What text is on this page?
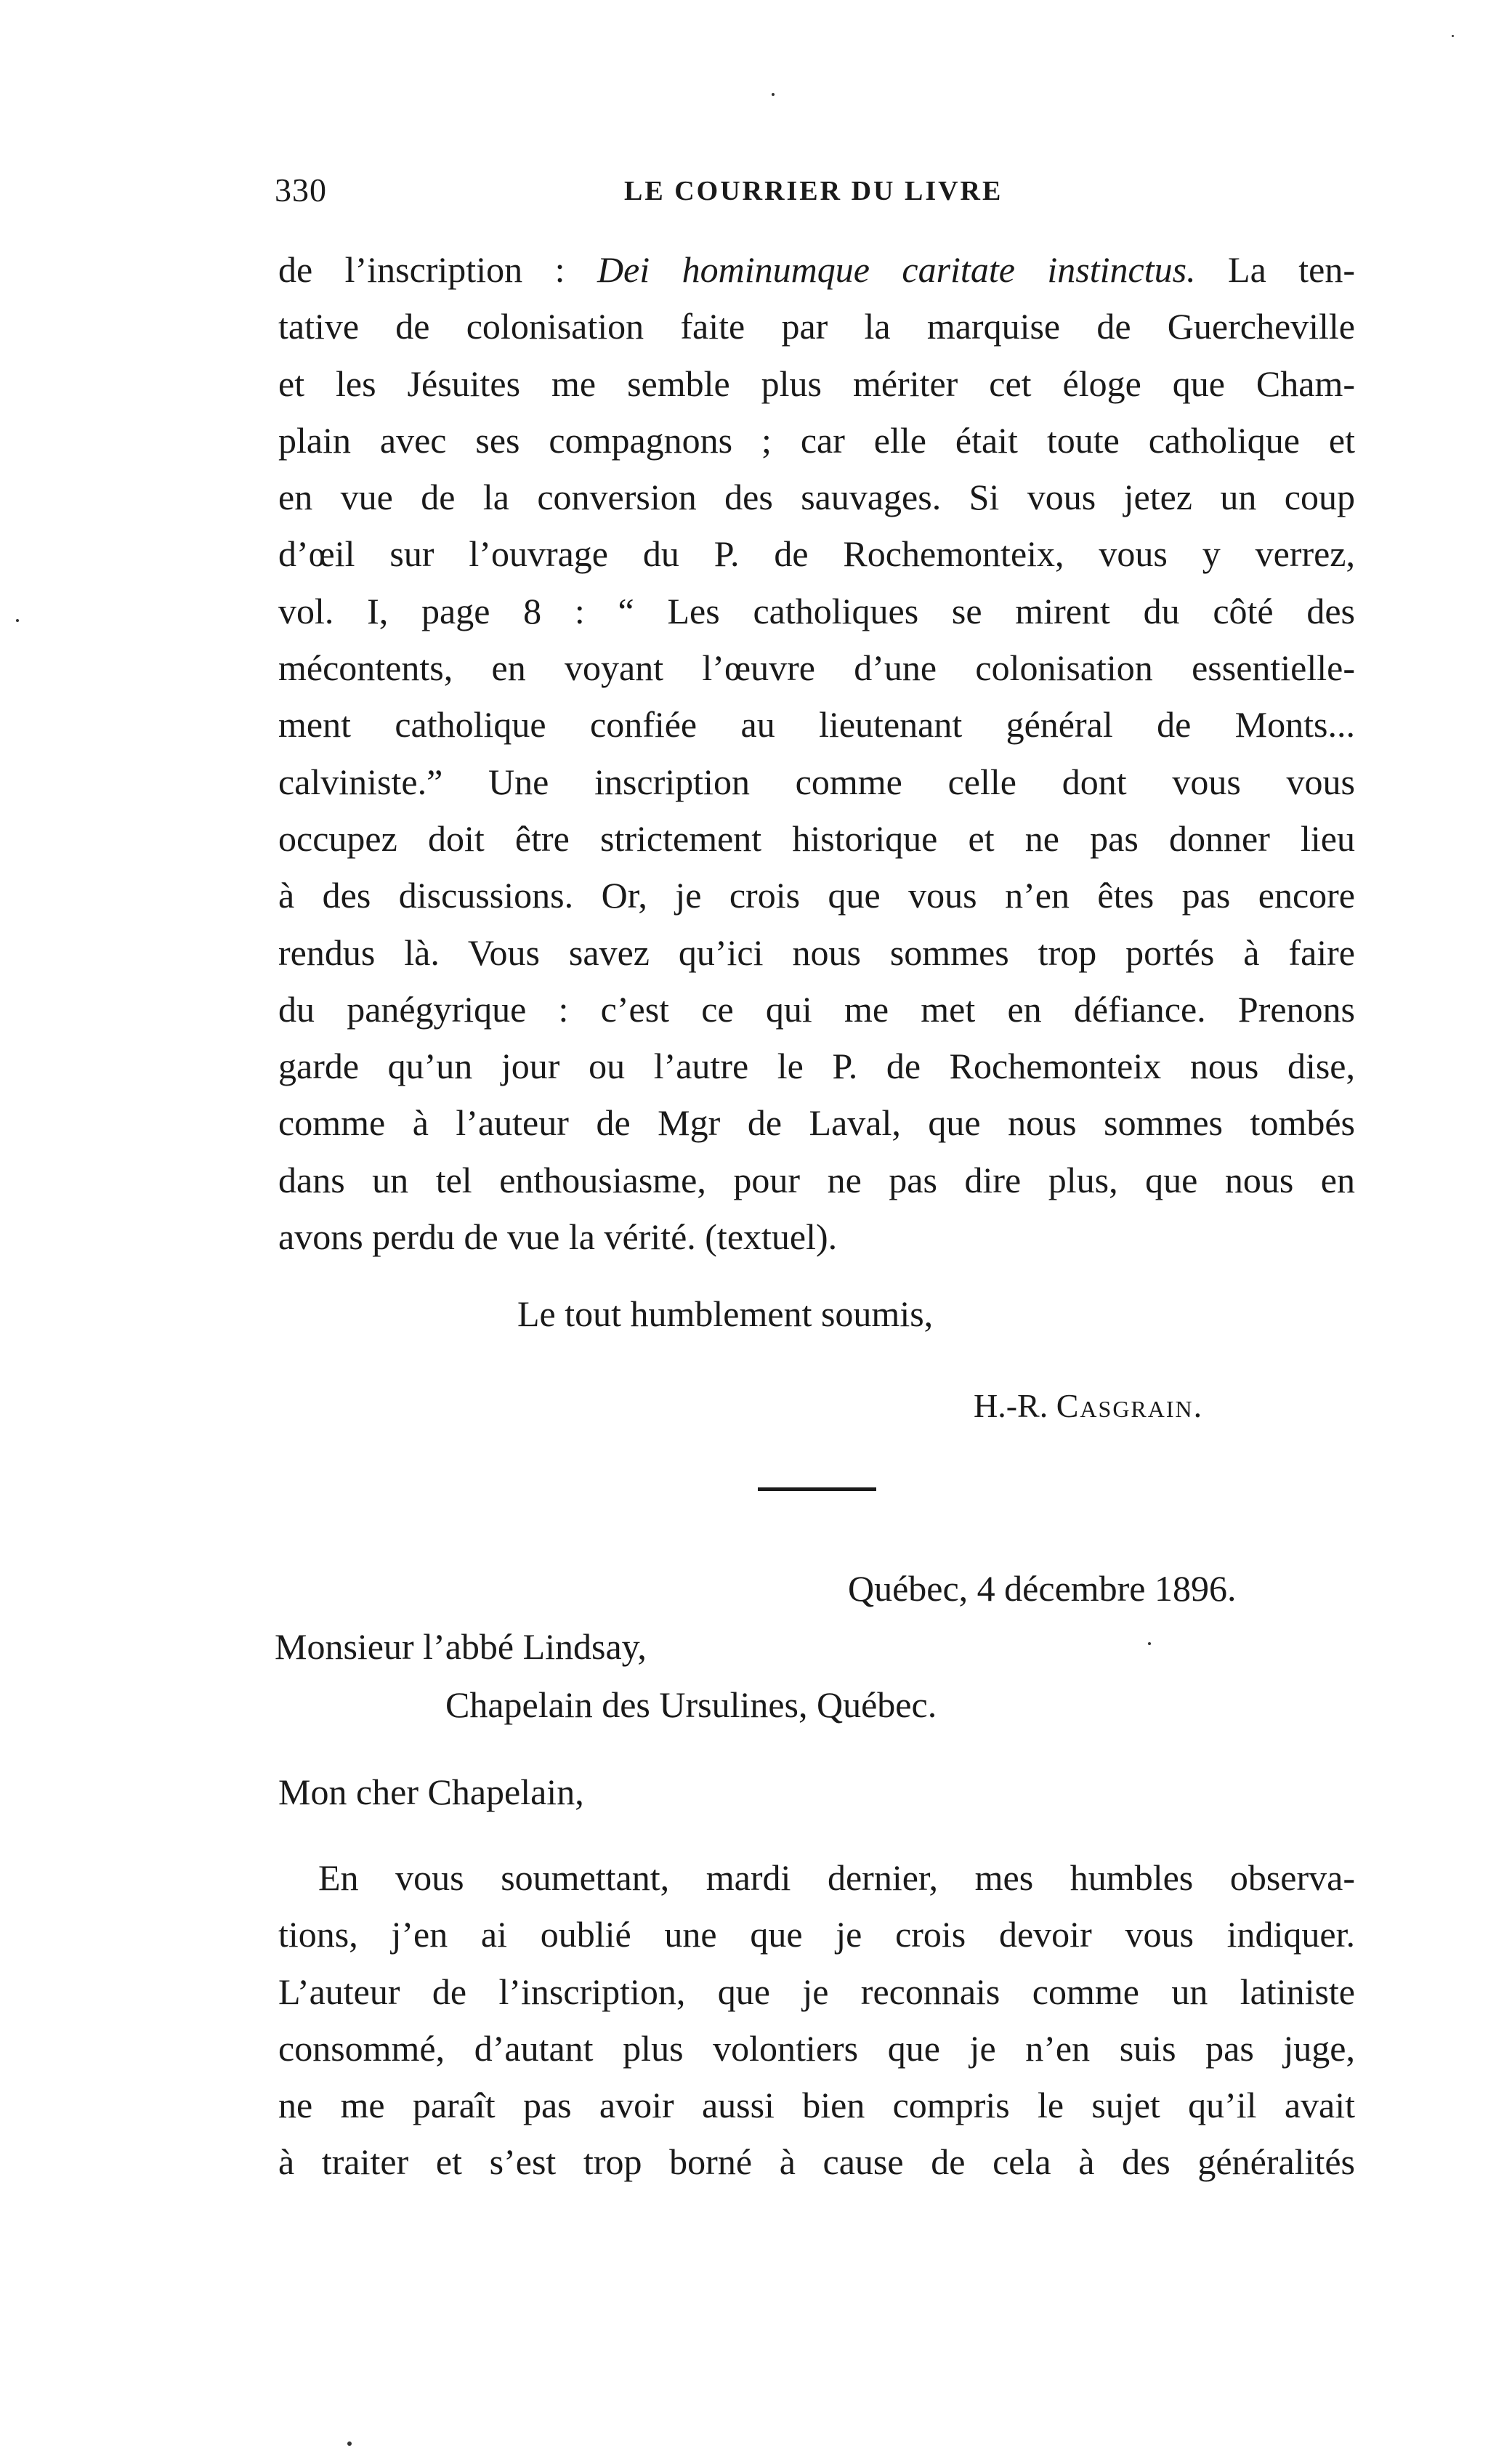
330	LE COURRIER DU LIVRE
de l’inscription : Dei hominumque caritate instinctus. La ten-
tative de colonisation faite par la marquise de Guercheville
et les Jésuites me semble plus mériter cet éloge que Cham-
plain avec ses compagnons ; car elle était toute catholique et
en vue de la conversion des sauvages. Si vous jetez un coup
d’œil sur l’ouvrage du P. de Rochemonteix, vous y verrez,
vol. I, page 8 : “ Les catholiques se mirent du côté des
mécontents, en voyant l’œuvre d’une colonisation essentielle-
ment catholique confiée au lieutenant général de Monts...
calviniste.” Une inscription comme celle dont vous vous
occupez doit être strictement historique et ne pas donner lieu
à des discussions. Or, je crois que vous n’en êtes pas encore
rendus là. Vous savez qu’ici nous sommes trop portés à faire
du panégyrique : c’est ce qui me met en défiance. Prenons
garde qu’un jour ou l’autre le P. de Rochemonteix nous dise,
comme à l’auteur de Mgr de Laval, que nous sommes tombés
dans un tel enthousiasme, pour ne pas dire plus, que nous en
avons perdu de vue la vérité. (textuel).
Le tout humblement soumis,
H.-R. Casgrain.
Québec, 4 décembre 1896.
Monsieur l’abbé Lindsay,
Chapelain des Ursulines, Québec.
Mon cher Chapelain,
En vous soumettant, mardi dernier, mes humbles observa-
tions, j’en ai oublié une que je crois devoir vous indiquer.
L’auteur de l’inscription, que je reconnais comme un latiniste
consommé, d’autant plus volontiers que je n’en suis pas juge,
ne me paraît pas avoir aussi bien compris le sujet qu’il avait
à traiter et s’est trop borné à cause de cela à des généralités
